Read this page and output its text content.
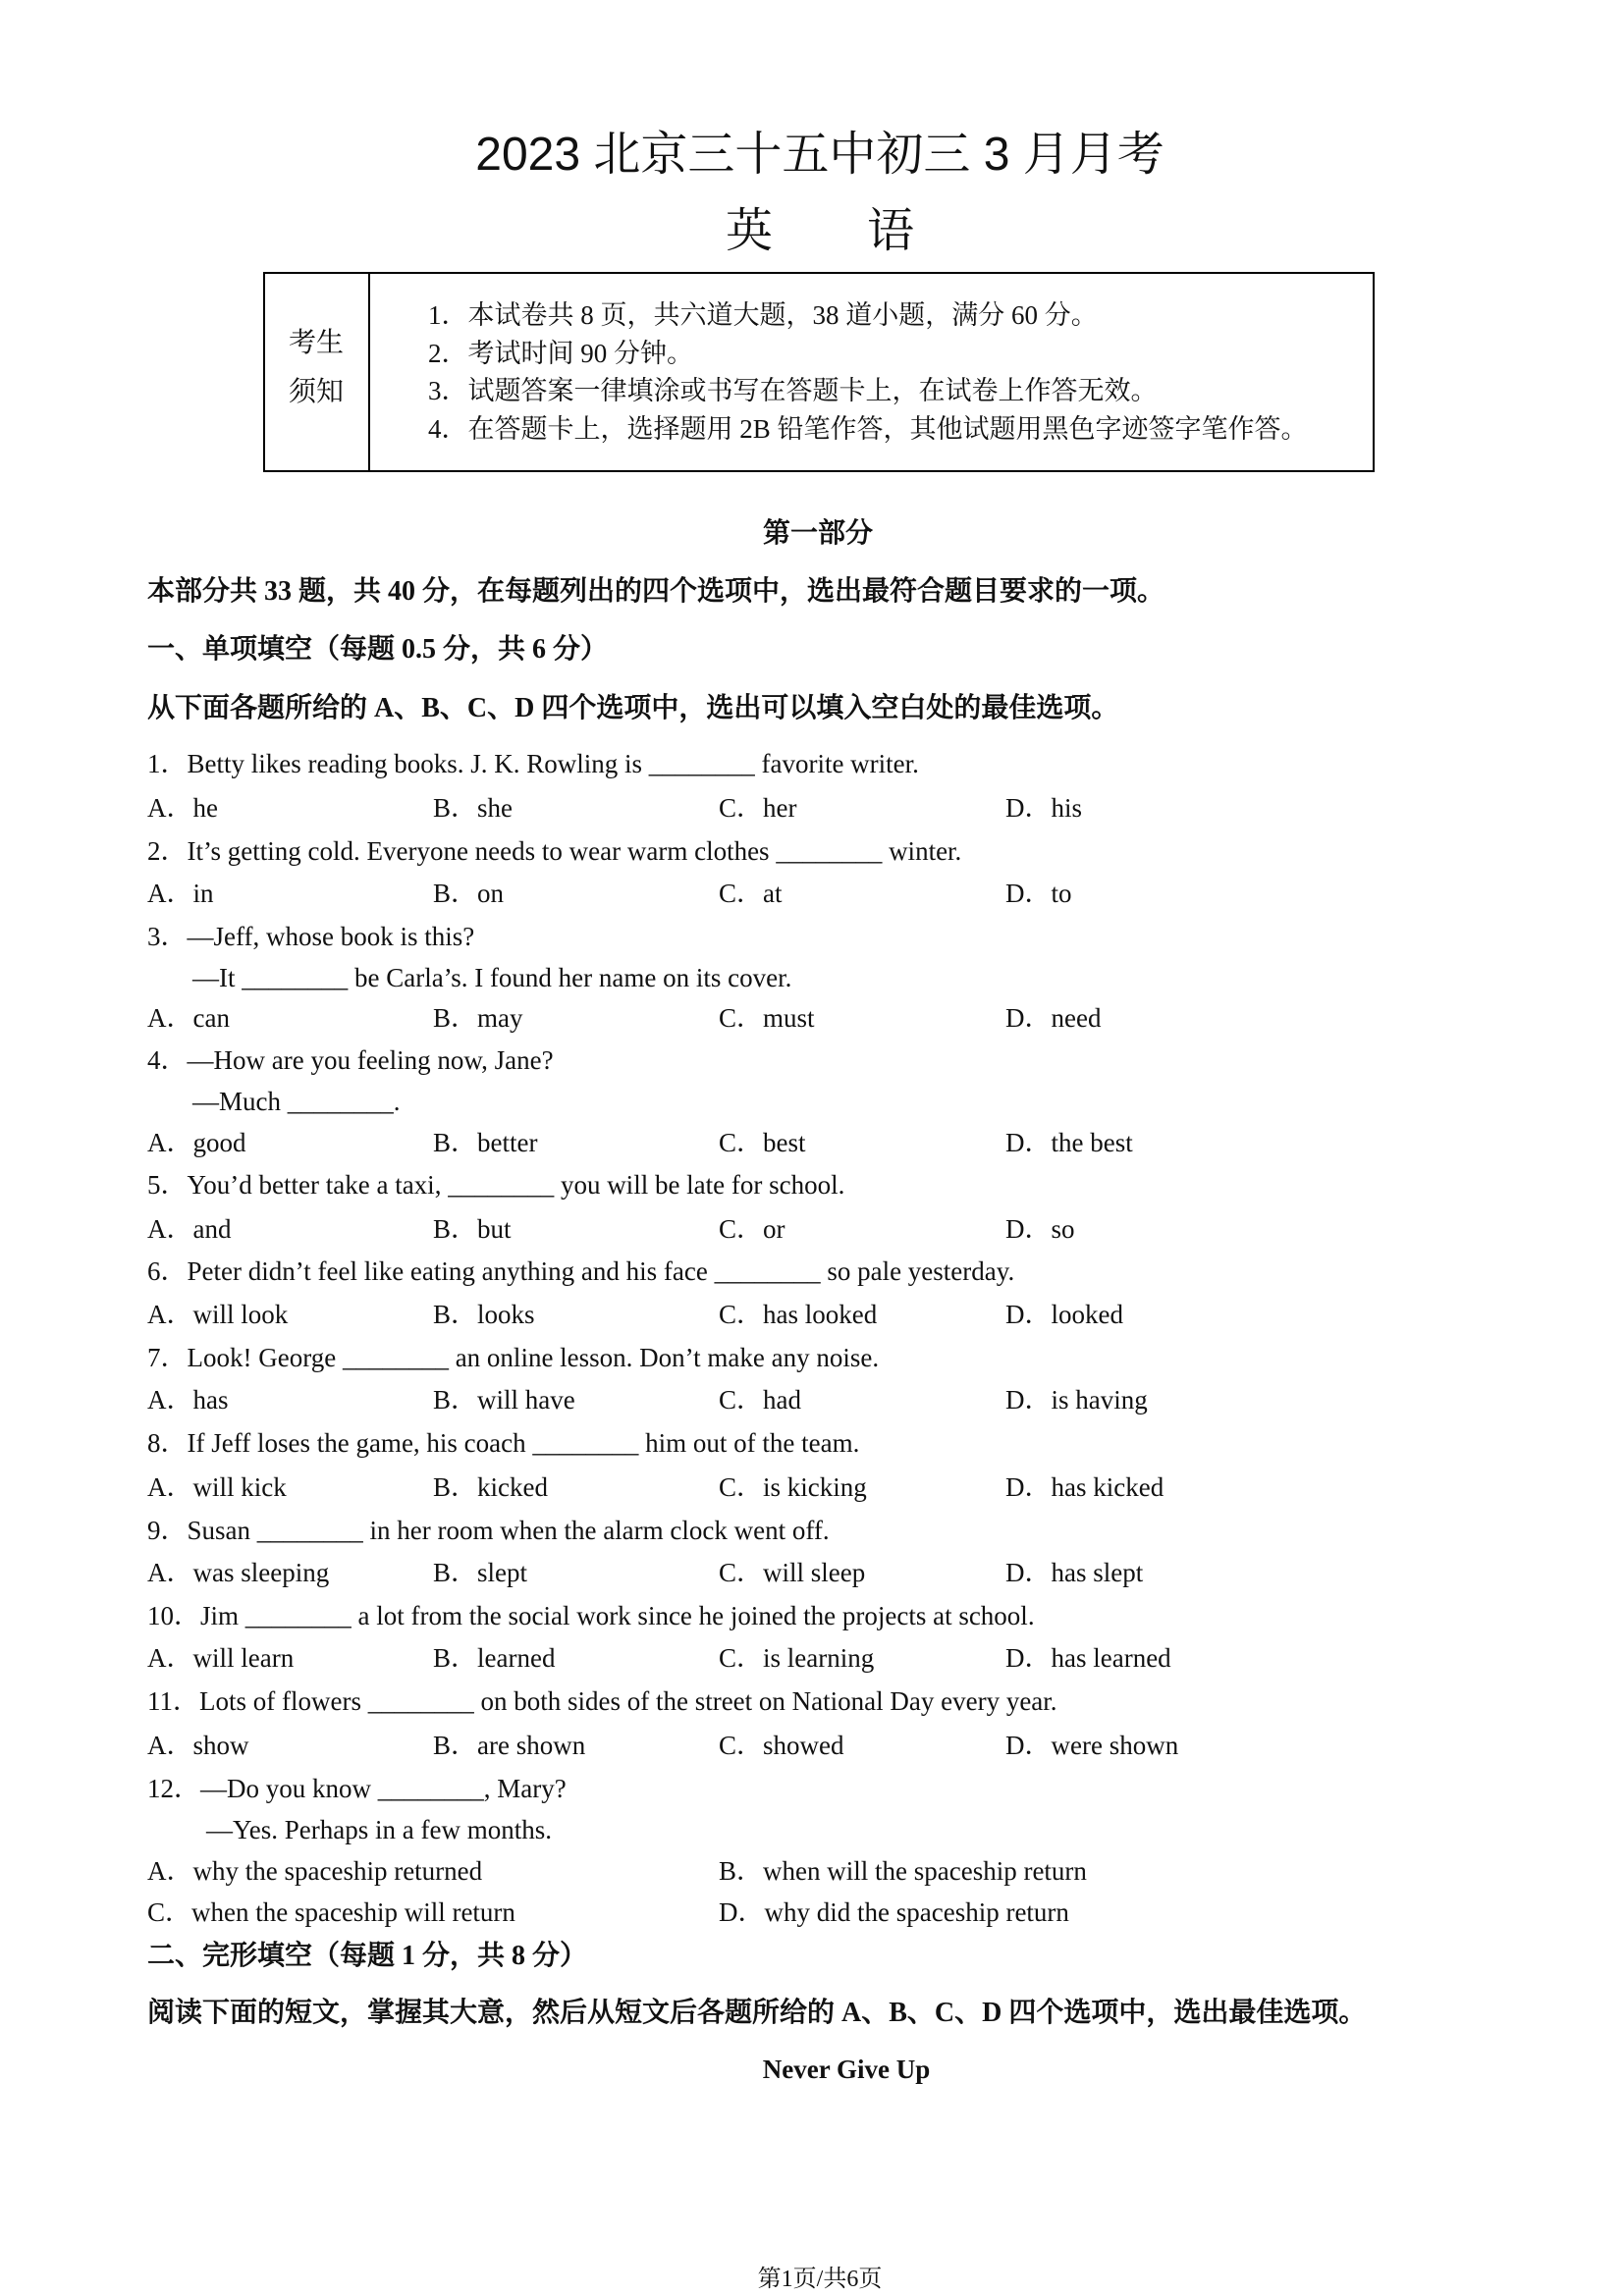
2023 北京三十五中初三 3 月月考
英　　语
考生
须知
1．本试卷共 8 页，共六道大题，38 道小题，满分 60 分。
2．考试时间 90 分钟。
3．试题答案一律填涂或书写在答题卡上，在试卷上作答无效。
4．在答题卡上，选择题用 2B 铅笔作答，其他试题用黑色字迹签字笔作答。
第一部分
本部分共 33 题，共 40 分，在每题列出的四个选项中，选出最符合题目要求的一项。
一、单项填空（每题 0.5 分，共 6 分）
从下面各题所给的 A、B、C、D 四个选项中，选出可以填入空白处的最佳选项。
1．Betty likes reading books. J. K. Rowling is ________ favorite writer.
A．he	B．she	C．her	D．his
2．It’s getting cold. Everyone needs to wear warm clothes ________ winter.
A．in	B．on	C．at	D．to
3．—Jeff, whose book is this?
—It ________ be Carla’s. I found her name on its cover.
A．can	B．may	C．must	D．need
4．—How are you feeling now, Jane?
—Much ________.
A．good	B．better	C．best	D．the best
5．You’d better take a taxi, ________ you will be late for school.
A．and	B．but	C．or	D．so
6．Peter didn’t feel like eating anything and his face ________ so pale yesterday.
A．will look	B．looks	C．has looked	D．looked
7．Look! George ________ an online lesson. Don’t make any noise.
A．has	B．will have	C．had	D．is having
8．If Jeff loses the game, his coach ________ him out of the team.
A．will kick	B．kicked	C．is kicking	D．has kicked
9．Susan ________ in her room when the alarm clock went off.
A．was sleeping	B．slept	C．will sleep	D．has slept
10．Jim ________ a lot from the social work since he joined the projects at school.
A．will learn	B．learned	C．is learning	D．has learned
11．Lots of flowers ________ on both sides of the street on National Day every year.
A．show	B．are shown	C．showed	D．were shown
12．—Do you know ________, Mary?
—Yes. Perhaps in a few months.
A．why the spaceship returned	B．when will the spaceship return
C．when the spaceship will return	D．why did the spaceship return
二、完形填空（每题 1 分，共 8 分）
阅读下面的短文，掌握其大意，然后从短文后各题所给的 A、B、C、D 四个选项中，选出最佳选项。
Never Give Up
第1页/共6页
